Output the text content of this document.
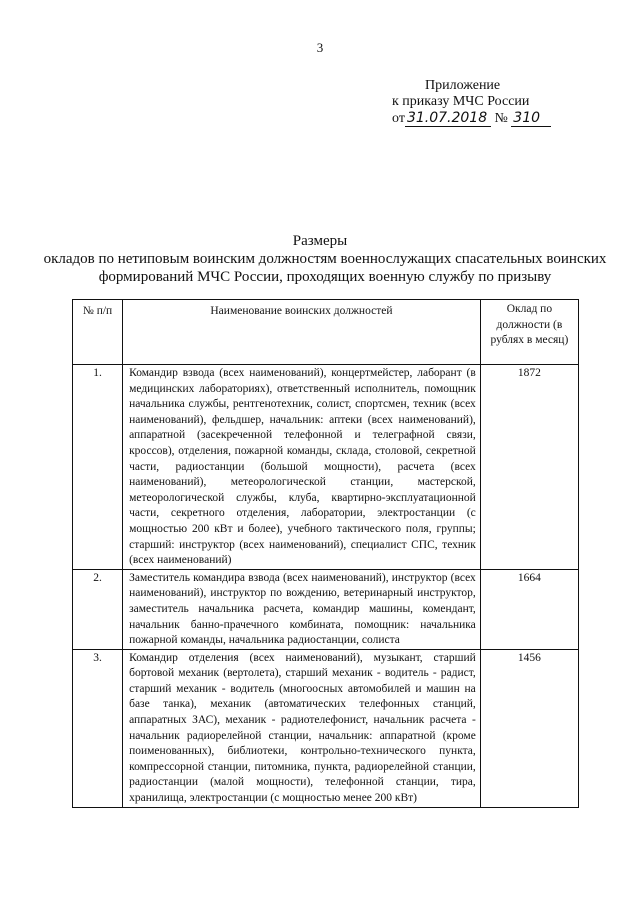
3
Приложение
к приказу МЧС России
от 31.07.2018 № 310
Размеры
окладов по нетиповым воинским должностям военнослужащих спасательных воинских формирований МЧС России, проходящих военную службу по призыву
№ п/п	Наименование воинских должностей	Оклад по должности (в рублях в месяц)
1.	Командир взвода (всех наименований), концертмейстер, лаборант (в медицинских лабораториях), ответственный исполнитель, помощник начальника службы, рентгенотехник, солист, спортсмен, техник (всех наименований), фельдшер, начальник: аптеки (всех наименований), аппаратной (засекреченной телефонной и телеграфной связи, кроссов), отделения, пожарной команды, склада, столовой, секретной части, радиостанции (большой мощности), расчета (всех наименований), метеорологической станции, мастерской, метеорологической службы, клуба, квартирно-эксплуатационной части, секретного отделения, лаборатории, электростанции (с мощностью 200 кВт и более), учебного тактического поля, группы; старший: инструктор (всех наименований), специалист СПС, техник (всех наименований)	1872
2.	Заместитель командира взвода (всех наименований), инструктор (всех наименований), инструктор по вождению, ветеринарный инструктор, заместитель начальника расчета, командир машины, комендант, начальник банно-прачечного комбината, помощник: начальника пожарной команды, начальника радиостанции, солиста	1664
3.	Командир отделения (всех наименований), музыкант, старший бортовой механик (вертолета), старший механик - водитель - радист, старший механик - водитель (многоосных автомобилей и машин на базе танка), механик (автоматических телефонных станций, аппаратных ЗАС), механик - радиотелефонист, начальник расчета - начальник радиорелейной станции, начальник: аппаратной (кроме поименованных), библиотеки, контрольно-технического пункта, компрессорной станции, питомника, пункта, радиорелейной станции, радиостанции (малой мощности), телефонной станции, тира, хранилища, электростанции (с мощностью менее 200 кВт)	1456
